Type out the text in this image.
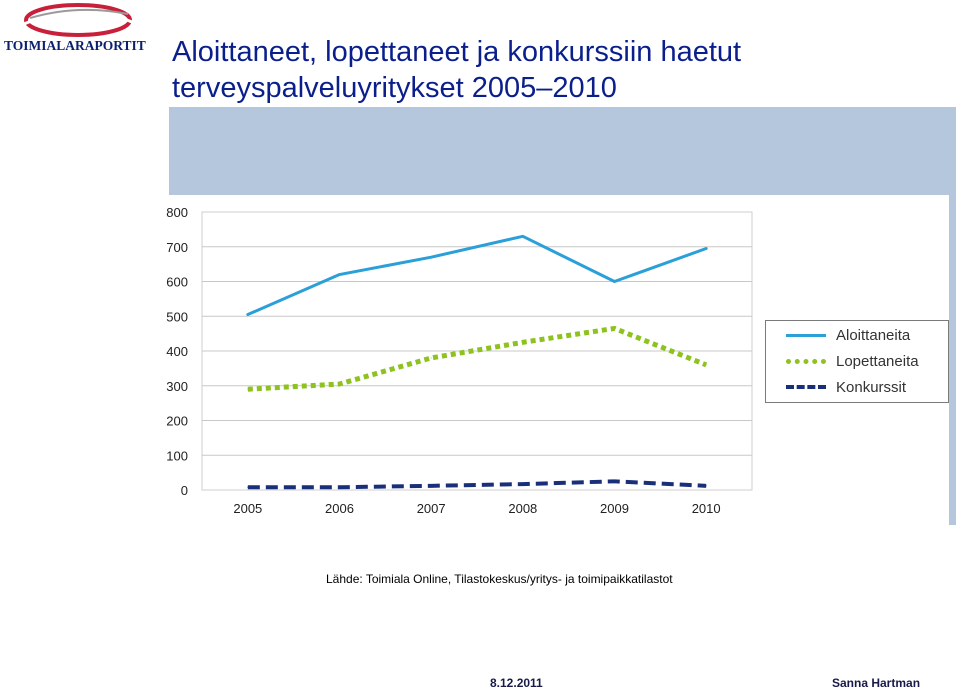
TOIMIALARAPORTIT Aloittaneet, lopettaneet ja konkurssiin haetut
terveyspalveluyritykset 2005–2010
0
100
200
300
400
500
600
700
800
2005	2006	2007	2008	2009	2010
Aloittaneita
Lopettaneita
Konkurssit
Lähde: Toimiala Online, Tilastokeskus/yritys- ja toimipaikkatilastot
8.12.2011	Sanna Hartman
